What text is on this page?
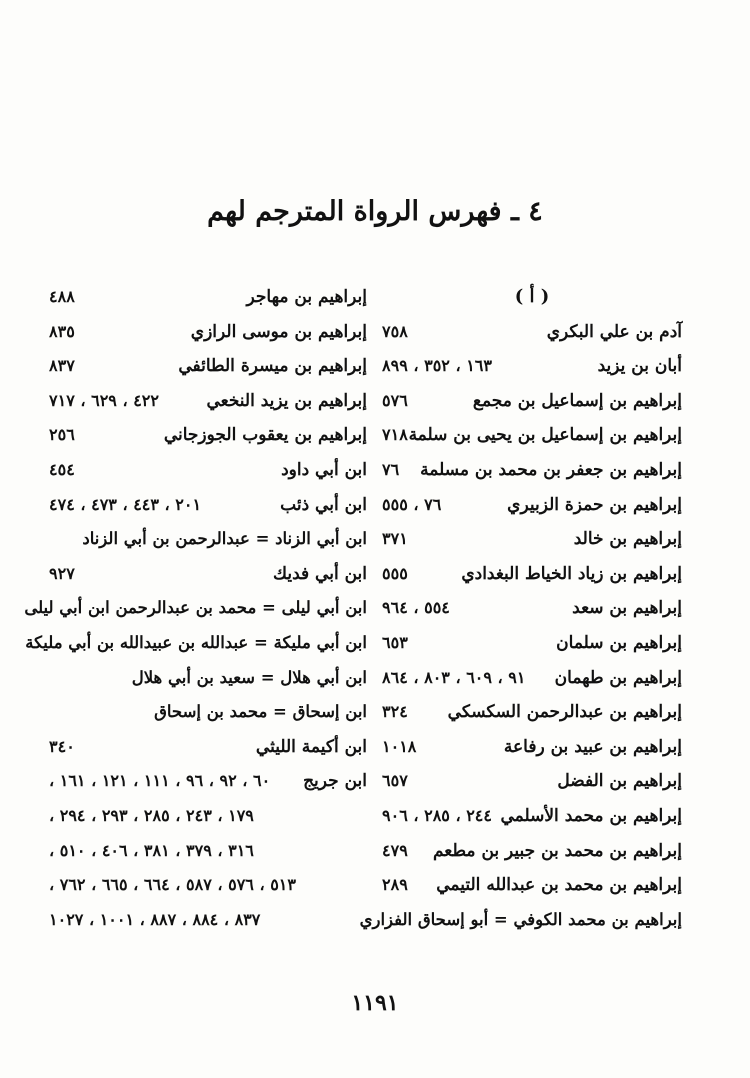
٤ ـ فهرس الرواة المترجم لهم
( أ )
آدم بن علي البكري
٧٥٨
أبان بن يزيد
١٦٣ ، ٣٥٢ ، ٨٩٩
إبراهيم بن إسماعيل بن مجمع
٥٧٦
إبراهيم بن إسماعيل بن يحيى بن سلمة
٧١٨
إبراهيم بن جعفر بن محمد بن مسلمة
٧٦
إبراهيم بن حمزة الزبيري
٧٦ ، ٥٥٥
إبراهيم بن خالد
٣٧١
إبراهيم بن زياد الخياط البغدادي
٥٥٥
إبراهيم بن سعد
٥٥٤ ، ٩٦٤
إبراهيم بن سلمان
٦٥٣
إبراهيم بن طهمان
٩١ ، ٦٠٩ ، ٨٠٣ ، ٨٦٤
إبراهيم بن عبدالرحمن السكسكي
٣٢٤
إبراهيم بن عبيد بن رفاعة
١٠١٨
إبراهيم بن الفضل
٦٥٧
إبراهيم بن محمد الأسلمي
٢٤٤ ، ٢٨٥ ، ٩٠٦
إبراهيم بن محمد بن جبير بن مطعم
٤٧٩
إبراهيم بن محمد بن عبدالله التيمي
٢٨٩
إبراهيم بن محمد الكوفي = أبو إسحاق الفزاري
إبراهيم بن مهاجر
٤٨٨
إبراهيم بن موسى الرازي
٨٣٥
إبراهيم بن ميسرة الطائفي
٨٣٧
إبراهيم بن يزيد النخعي
٤٢٢ ، ٦٢٩ ، ٧١٧
إبراهيم بن يعقوب الجوزجاني
٢٥٦
ابن أبي داود
٤٥٤
ابن أبي ذئب
٢٠١ ، ٤٤٣ ، ٤٧٣ ، ٤٧٤
ابن أبي الزناد = عبدالرحمن بن أبي الزناد
ابن أبي فديك
٩٢٧
ابن أبي ليلى = محمد بن عبدالرحمن ابن أبي ليلى
ابن أبي مليكة = عبدالله بن عبيدالله بن أبي مليكة
ابن أبي هلال = سعيد بن أبي هلال
ابن إسحاق = محمد بن إسحاق
ابن أكيمة الليثي
٣٤٠
ابن جريج
٦٠ ، ٩٢ ، ٩٦ ، ١١١ ، ١٢١ ، ١٦١ ،
١٧٩ ، ٢٤٣ ، ٢٨٥ ، ٢٩٣ ، ٢٩٤ ،
٣١٦ ، ٣٧٩ ، ٣٨١ ، ٤٠٦ ، ٥١٠ ،
٥١٣ ، ٥٧٦ ، ٥٨٧ ، ٦٦٤ ، ٦٦٥ ، ٧٦٢ ،
٨٣٧ ، ٨٨٤ ، ٨٨٧ ، ١٠٠١ ، ١٠٢٧
١١٩١
